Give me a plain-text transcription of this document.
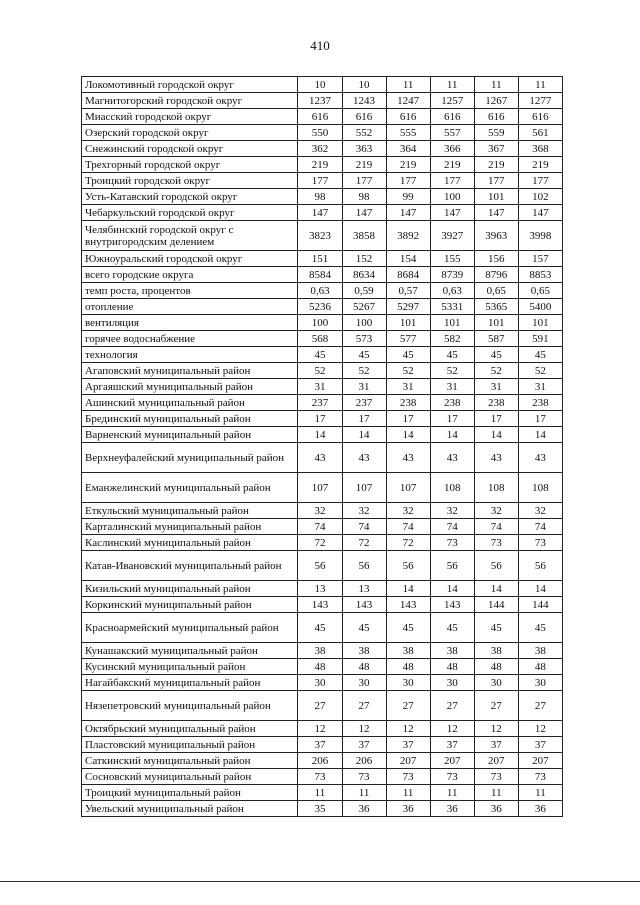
410
Локомотивный городской округ	10	10	11	11	11	11
Магнитогорский городской округ	1237	1243	1247	1257	1267	1277
Миасский городской округ	616	616	616	616	616	616
Озерский городской округ	550	552	555	557	559	561
Снежинский городской округ	362	363	364	366	367	368
Трехгорный городской округ	219	219	219	219	219	219
Троицкий городской округ	177	177	177	177	177	177
Усть-Катавский городской округ	98	98	99	100	101	102
Чебаркульский городской округ	147	147	147	147	147	147
Челябинский городской округ с внутригородским делением	3823	3858	3892	3927	3963	3998
Южноуральский городской округ	151	152	154	155	156	157
всего городские округа	8584	8634	8684	8739	8796	8853
темп роста, процентов	0,63	0,59	0,57	0,63	0,65	0,65
отопление	5236	5267	5297	5331	5365	5400
вентиляция	100	100	101	101	101	101
горячее водоснабжение	568	573	577	582	587	591
технология	45	45	45	45	45	45
Агаповский муниципальный район	52	52	52	52	52	52
Аргаяшский муниципальный район	31	31	31	31	31	31
Ашинский муниципальный район	237	237	238	238	238	238
Брединский муниципальный район	17	17	17	17	17	17
Варненский муниципальный район	14	14	14	14	14	14
Верхнеуфалейский муниципальный район	43	43	43	43	43	43
Еманжелинский муниципальный район	107	107	107	108	108	108
Еткульский муниципальный район	32	32	32	32	32	32
Карталинский муниципальный район	74	74	74	74	74	74
Каслинский муниципальный район	72	72	72	73	73	73
Катав-Ивановский муниципальный район	56	56	56	56	56	56
Кизильский муниципальный район	13	13	14	14	14	14
Коркинский муниципальный район	143	143	143	143	144	144
Красноармейский муниципальный район	45	45	45	45	45	45
Кунашакский муниципальный район	38	38	38	38	38	38
Кусинский муниципальный район	48	48	48	48	48	48
Нагайбакский муниципальный район	30	30	30	30	30	30
Нязепетровский муниципальный район	27	27	27	27	27	27
Октябрьский муниципальный район	12	12	12	12	12	12
Пластовский муниципальный район	37	37	37	37	37	37
Саткинский муниципальный район	206	206	207	207	207	207
Сосновский муниципальный район	73	73	73	73	73	73
Троицкий муниципальный район	11	11	11	11	11	11
Увельский муниципальный район	35	36	36	36	36	36
